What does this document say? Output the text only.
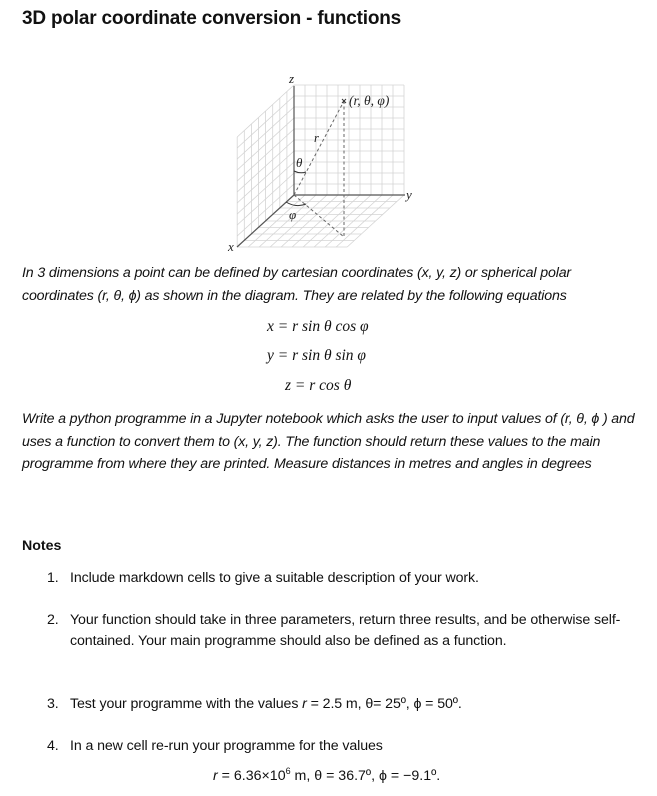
3D polar coordinate conversion - functions
z
y
x
(r, θ, φ)
r
θ
φ
In 3 dimensions a point can be defined by cartesian coordinates (x, y, z) or spherical polar coordinates (r, θ, ϕ) as shown in the diagram. They are related by the following equations
x = r sin θ cos φ
y = r sin θ sin φ
z = r cos θ
Write a python programme in a Jupyter notebook which asks the user to input values of (r, θ, ϕ ) and uses a function to convert them to (x, y, z). The function should return these values to the main programme from where they are printed. Measure distances in metres and angles in degrees
Notes
1. Include markdown cells to give a suitable description of your work.
2. Your function should take in three parameters, return three results, and be otherwise self-contained. Your main programme should also be defined as a function.
3. Test your programme with the values r = 2.5 m, θ= 25º, ϕ = 50º.
4. In a new cell re-run your programme for the values
$r = 6.36\times 10^6$ m, θ = 36.7º, ϕ = −9.1º.
